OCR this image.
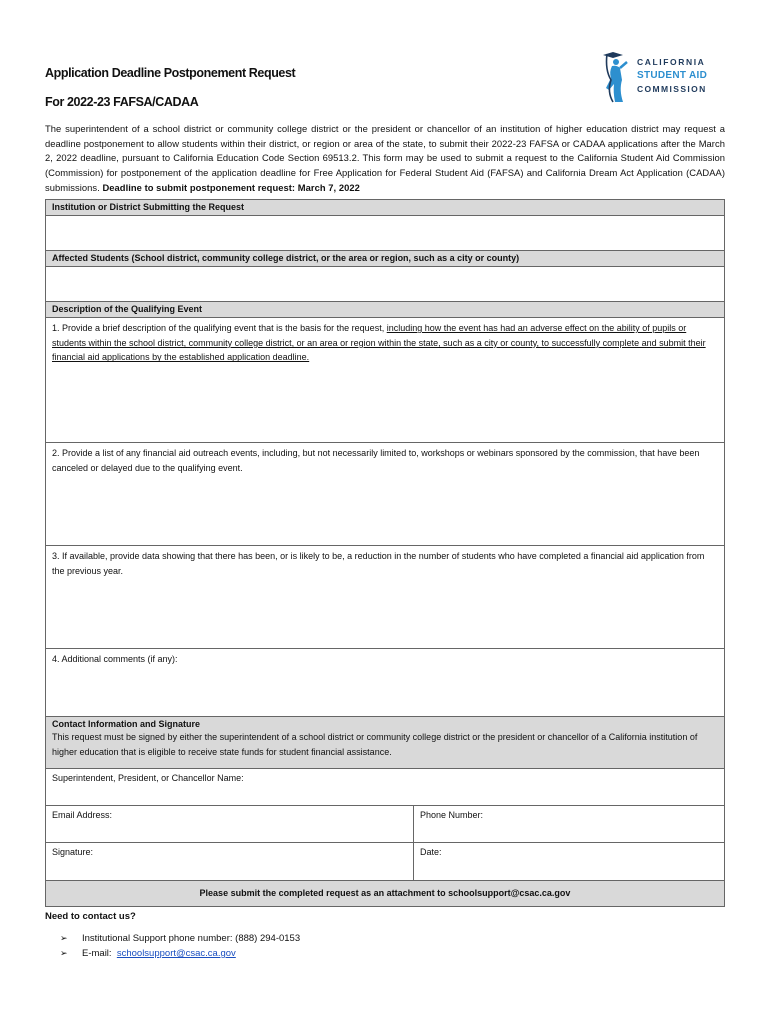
Application Deadline Postponement Request
For 2022-23 FAFSA/CADAA
CALIFORNIA
STUDENT AID
COMMISSION
The superintendent of a school district or community college district or the president or chancellor of an institution of higher education district may request a deadline postponement to allow students within their district, or region or area of the state, to submit their 2022-23 FAFSA or CADAA applications after the March 2, 2022 deadline, pursuant to California Education Code Section 69513.2. This form may be used to submit a request to the California Student Aid Commission (Commission) for postponement of the application deadline for Free Application for Federal Student Aid (FAFSA) and California Dream Act Application (CADAA) submissions. Deadline to submit postponement request: March 7, 2022
Institution or District Submitting the Request
Affected Students (School district, community college district, or the area or region, such as a city or county)
Description of the Qualifying Event
1. Provide a brief description of the qualifying event that is the basis for the request, including how the event has had an adverse effect on the ability of pupils or students within the school district, community college district, or an area or region within the state, such as a city or county, to successfully complete and submit their financial aid applications by the established application deadline.
2. Provide a list of any financial aid outreach events, including, but not necessarily limited to, workshops or webinars sponsored by the commission, that have been canceled or delayed due to the qualifying event.
3. If available, provide data showing that there has been, or is likely to be, a reduction in the number of students who have completed a financial aid application from the previous year.
4. Additional comments (if any):
Contact Information and Signature
This request must be signed by either the superintendent of a school district or community college district or the president or chancellor of a California institution of higher education that is eligible to receive state funds for student financial assistance.
Superintendent, President, or Chancellor Name:
Email Address:	Phone Number:
Signature:	Date:
Please submit the completed request as an attachment to schoolsupport@csac.ca.gov
Need to contact us?
➢ Institutional Support phone number: (888) 294-0153
➢ E-mail: schoolsupport@csac.ca.gov
